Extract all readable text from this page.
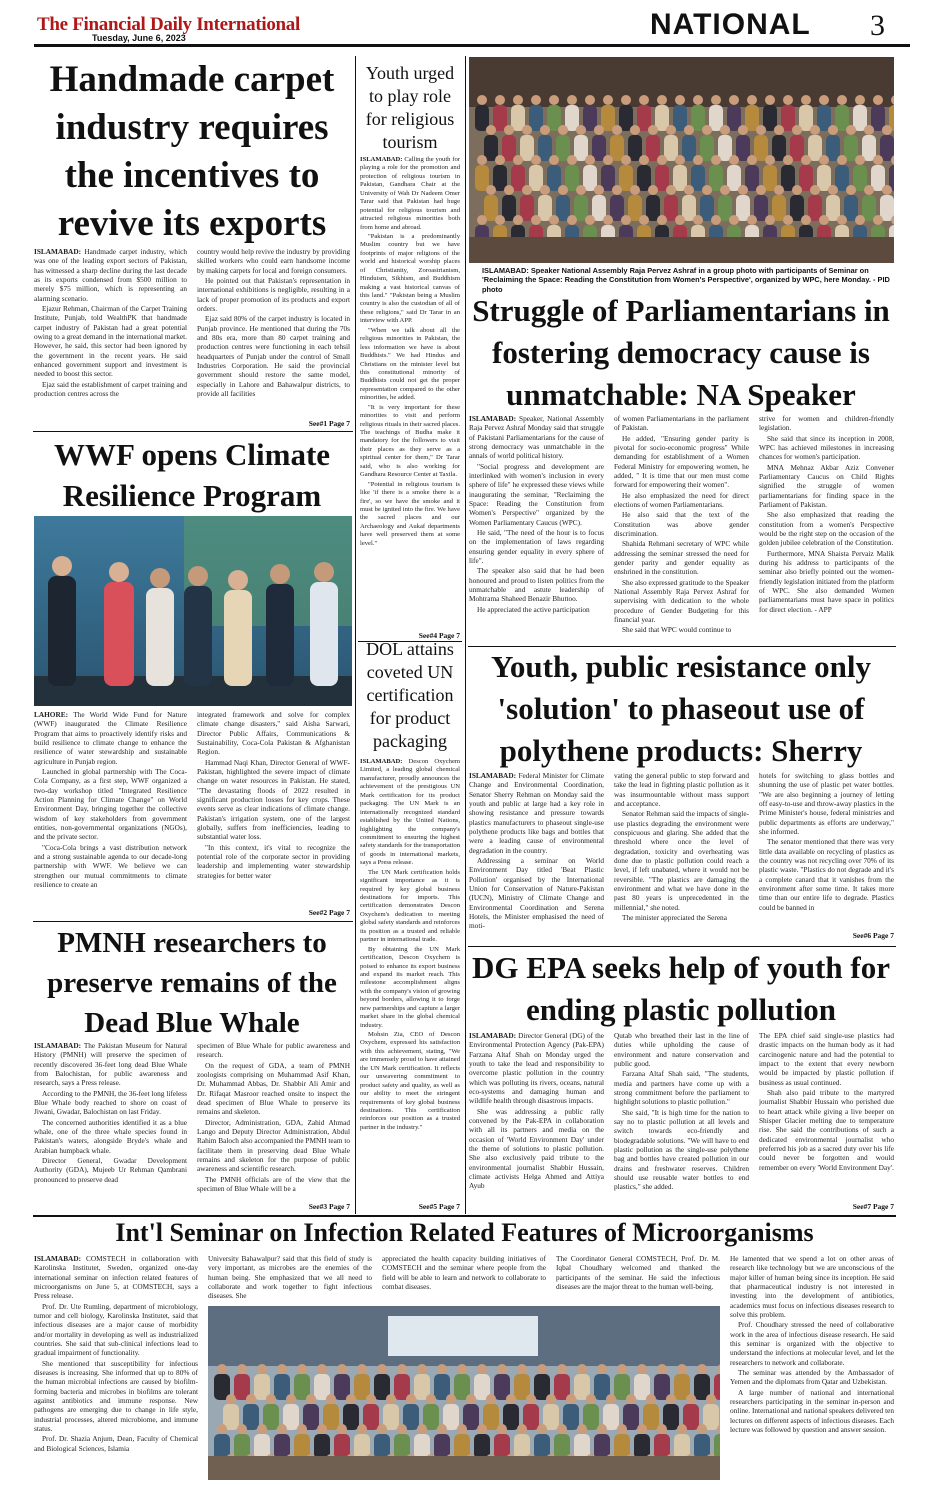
The Financial Daily International
Tuesday, June 6, 2023	NATIONAL 3
Handmade carpet industry requires the incentives to revive its exports

ISLAMABAD: Handmade carpet industry, which was one of the leading export sectors of Pakistan, has witnessed a sharp decline during the last decade as its exports condensed from $500 million to merely $75 million, which is representing an alarming scenario.

Ejazur Rehman, Chairman of the Carpet Training Institute, Punjab, told WealthPK that handmade carpet industry of Pakistan had a great potential owing to a great demand in the international market. However, he said, this sector had been ignored by the government in the recent years. He said enhanced government support and investment is needed to boost this sector.

Ejaz said the establishment of carpet training and production centres across the

country would help revive the industry by providing skilled workers who could earn handsome income by making carpets for local and foreign consumers.

He pointed out that Pakistan's representation in international exhibitions is negligible, resulting in a lack of proper promotion of its products and export orders.

Ejaz said 80% of the carpet industry is located in Punjab province. He mentioned that during the 70s and 80s era, more than 80 carpet training and production centres were functioning in each tehsil headquarters of Punjab under the control of Small Industries Corporation. He said the provincial government should restore the same model, especially in Lahore and Bahawalpur districts, to provide all facilities

See#1 Page 7
Youth urged to play role for religious tourism

ISLAMABAD: Calling the youth for playing a role for the promotion and protection of religious tourism in Pakistan, Gandhara Chair at the University of Wah Dr Nadeem Omer Tarar said that Pakistan had huge potential for religious tourism and attracted religious minorities both from home and abroad.

"Pakistan is a predominantly Muslim country but we have footprints of major religions of the world and historical worship places of Christianity, Zoroastrianism, Hinduism, Sikhism, and Buddhism making a vast historical canvas of this land." "Pakistan being a Muslim country is also the custodian of all of these religions," said Dr Tarar in an interview with APP.

"When we talk about all the religious minorities in Pakistan, the less information we have is about Buddhists." We had Hindus and Christians on the minister level but this constitutional minority of Buddhists could not get the proper representation compared to the other minorities, he added.

"It is very important for these minorities to visit and perform religious rituals in their sacred places. The teachings of Budha make it mandatory for the followers to visit their places as they serve as a spiritual center for them," Dr Tarar said, who is also working for Gandhara Resource Center at Taxila.

"Potential in religious tourism is like 'if there is a smoke there is a fire', so we have the smoke and it must be ignited into the fire. We have the sacred places and our Archaeology and Aukaf departments have well preserved them at some level."

See#4 Page 7
DOL attains coveted UN certification for product packaging

ISLAMABAD: Descon Oxychem Limited, a leading global chemical manufacturer, proudly announces the achievement of the prestigious UN Mark certification for its product packaging. The UN Mark is an internationally recognized standard established by the United Nations, highlighting the company's commitment to ensuring the highest safety standards for the transportation of goods in international markets, says a Press release.

The UN Mark certification holds significant importance as it is required by key global business destinations for imports. This certification demonstrates Descon Oxychem's dedication to meeting global safety standards and reinforces its position as a trusted and reliable partner in international trade.

By obtaining the UN Mark certification, Descon Oxychem is poised to enhance its export business and expand its market reach. This milestone accomplishment aligns with the company's vision of growing beyond borders, allowing it to forge new partnerships and capture a larger market share in the global chemical industry.

Mohsin Zia, CEO of Descon Oxychem, expressed his satisfaction with this achievement, stating, "We are immensely proud to have attained the UN Mark certification. It reflects our unwavering commitment to product safety and quality, as well as our ability to meet the stringent requirements of key global business destinations. This certification reinforces our position as a trusted partner in the industry."

See#5 Page 7
WWF opens Climate Resilience Program

LAHORE: The World Wide Fund for Nature (WWF) inaugurated the Climate Resilience Program that aims to proactively identify risks and build resilience to climate change to enhance the resilience of water stewardship and sustainable agriculture in Punjab region.

Launched in global partnership with The Coca-Cola Company, as a first step, WWF organized a two-day workshop titled "Integrated Resilience Action Planning for Climate Change" on World Environment Day, bringing together the collective wisdom of key stakeholders from government entities, non-governmental organizations (NGOs), and the private sector.

"Coca-Cola brings a vast distribution network and a strong sustainable agenda to our decade-long partnership with WWF. We believe we can strengthen our mutual commitments to climate resilience to create an

integrated framework and solve for complex climate change disasters," said Aisha Sarwari, Director Public Affairs, Communications & Sustainability, Coca-Cola Pakistan & Afghanistan Region.

Hammad Naqi Khan, Director General of WWF-Pakistan, highlighted the severe impact of climate change on water resources in Pakistan. He stated, "The devastating floods of 2022 resulted in significant production losses for key crops. These events serve as clear indications of climate change. Pakistan's irrigation system, one of the largest globally, suffers from inefficiencies, leading to substantial water loss.

"In this context, it's vital to recognize the potential role of the corporate sector in providing leadership and implementing water stewardship strategies for better water

See#2 Page 7
PMNH researchers to preserve remains of the Dead Blue Whale

ISLAMABAD: The Pakistan Museum for Natural History (PMNH) will preserve the specimen of recently discovered 36-feet long dead Blue Whale from Balochistan, for public awareness and research, says a Press release.

According to the PMNH, the 36-feet long lifeless Blue Whale body reached to shore on coast of Jiwani, Gwadar, Balochistan on last Friday.

The concerned authorities identified it as a blue whale, one of the three whale species found in Pakistan's waters, alongside Bryde's whale and Arabian humpback whale.

Director General, Gwadar Development Authority (GDA), Mujeeb Ur Rehman Qambrani pronounced to preserve dead

specimen of Blue Whale for public awareness and research.

On the request of GDA, a team of PMNH zoologists comprising on Muhammad Asif Khan, Dr. Muhammad Abbas, Dr. Shabbir Ali Amir and Dr. Rifaqat Masroor reached onsite to inspect the dead specimen of Blue Whale to preserve its remains and skeleton.

Director, Administration, GDA, Zahid Ahmad Lango and Deputy Director Administration, Abdul Rahim Baloch also accompanied the PMNH team to facilitate them in preserving dead Blue Whale remains and skeleton for the purpose of public awareness and scientific research.

The PMNH officials are of the view that the specimen of Blue Whale will be a

See#3 Page 7
ISLAMABAD: Speaker National Assembly Raja Pervez Ashraf in a group photo with participants of Seminar on 'Reclaiming the Space: Reading the Constitution from Women's Perspective', organized by WPC, here Monday. - PID photo
Struggle of Parliamentarians in fostering democracy cause is unmatchable: NA Speaker

ISLAMABAD: Speaker, National Assembly Raja Pervez Ashraf Monday said that struggle of Pakistani Parliamentarians for the cause of strong democracy was unmatchable in the annals of world political history.

"Social progress and development are interlinked with women's inclusion in every sphere of life" he expressed these views while inaugurating the seminar, "Reclaiming the Space: Reading the Constitution from Women's Perspective" organized by the Women Parliamentary Caucus (WPC).

He said, "The need of the hour is to focus on the implementation of laws regarding ensuring gender equality in every sphere of life".

The speaker also said that he had been honoured and proud to listen politics from the unmatchable and astute leadership of Mohtrama Shaheed Benazir Bhuttoo.

He appreciated the active participation

of women Parliamentarians in the parliament of Pakistan.

He added, "Ensuring gender parity is pivotal for socio-economic progress" While demanding for establishment of a Women Federal Ministry for empowering women, he added, " It is time that our men must come forward for empowering their women".

He also emphasized the need for direct elections of women Parliamentarians.

He also said that the text of the Constitution was above gender discrimination.

Shahida Rehmani secretary of WPC while addressing the seminar stressed the need for gender parity and gender equality as enshrined in the constitution.

She also expressed gratitude to the Speaker National Assembly Raja Pervez Ashraf for supervising with dedication to the whole procedure of Gender Budgeting for this financial year.

She said that WPC would continue to

strive for women and children-friendly legislation.

She said that since its inception in 2008, WPC has achieved milestones in increasing chances for women's participation.

MNA Mehnaz Akbar Aziz Convener Parliamentary Caucus on Child Rights signified the struggle of women parliamentarians for finding space in the Parliament of Pakistan.

She also emphasized that reading the constitution from a women's Perspective would be the right step on the occasion of the golden jubilee celebration of the Constitution.

Furthermore, MNA Shaista Pervaiz Malik during his address to participants of the seminar also briefly pointed out the women-friendly legislation initiated from the platform of WPC. She also demanded Women parliamentarians must have space in politics for direct election. - APP

Youth, public resistance only 'solution' to phaseout use of polythene products: Sherry

ISLAMABAD: Federal Minister for Climate Change and Environmental Coordination, Senator Sherry Rehman on Monday said the youth and public at large had a key role in showing resistance and pressure towards plastics manufacturers to phaseout single-use polythene products like bags and bottles that were a leading cause of environmental degradation in the country.

Addressing a seminar on World Environment Day titled 'Beat Plastic Pollution' organised by the International Union for Conservation of Nature-Pakistan (IUCN), Ministry of Climate Change and Environmental Coordination and Serena Hotels, the Minister emphasised the need of moti-

vating the general public to step forward and take the lead in fighting plastic pollution as it was insurmountable without mass support and acceptance.

Senator Rehman said the impacts of single-use plastics degrading the environment were conspicuous and glaring. She added that the threshold where once the level of degradation, toxicity and overheating was done due to plastic pollution could reach a level, if left unabated, where it would not be reversible. "The plastics are damaging the environment and what we have done in the past 80 years is unprecedented in the millennial," she noted.

The minister appreciated the Serena

hotels for switching to glass bottles and shunning the use of plastic pet water bottles. "We are also beginning a journey of letting off easy-to-use and throw-away plastics in the Prime Minister's house, federal ministries and public departments as efforts are underway," she informed.

The senator mentioned that there was very little data available on recycling of plastics as the country was not recycling over 70% of its plastic waste. "Plastics do not degrade and it's a complete canard that it vanishes from the environment after some time. It takes more time than our entire life to degrade. Plastics could be banned in

See#6 Page 7
DG EPA seeks help of youth for ending plastic pollution

ISLAMABAD: Director General (DG) of the Environmental Protection Agency (Pak-EPA) Farzana Altaf Shah on Monday urged the youth to take the lead and responsibility to overcome plastic pollution in the country which was polluting its rivers, oceans, natural eco-systems and damaging human and wildlife health through disastrous impacts.

She was addressing a public rally convened by the Pak-EPA in collaboration with all its partners and media on the occasion of 'World Environment Day' under the theme of solutions to plastic pollution. She also exclusively paid tribute to the environmental journalist Shabbir Hussain, climate activists Helga Ahmed and Attiya Ayub

Qutab who breathed their last in the line of duties while upholding the cause of environment and nature conservation and public good.

Farzana Altaf Shah said, "The students, media and partners have come up with a strong commitment before the parliament to highlight solutions to plastic pollution."

She said, "It is high time for the nation to say no to plastic pollution at all levels and switch towards eco-friendly and biodegradable solutions. "We will have to end plastic pollution as the single-use polythene bag and bottles have created pollution in our drains and freshwater reserves. Children should use reusable water bottles to end plastics," she added.

The EPA chief said single-use plastics had drastic impacts on the human body as it had carcinogenic nature and had the potential to impact to the extent that every newborn would be impacted by plastic pollution if business as usual continued.

Shah also paid tribute to the martyred journalist Shabbir Hussain who perished due to heart attack while giving a live beeper on Shisper Glacier melting due to temperature rise. She said the contributions of such a dedicated environmental journalist who preferred his job as a sacred duty over his life could never be forgotten and would remember on every 'World Environment Day'.

See#7 Page 7
Int'l Seminar on Infection Related Features of Microorganisms

ISLAMABAD: COMSTECH in collaboration with Karolinska Institutet, Sweden, organized one-day international seminar on infection related features of microorganisms on June 5, at COMSTECH, says a Press release.

Prof. Dr. Ute Rumling, department of microbiology, tumor and cell biology, Karolinska Institutet, said that infectious diseases are a major cause of morbidity and/or mortality in developing as well as industrialized countries. She said that sub-clinical infections lead to gradual impairment of functionality.

She mentioned that susceptibility for infectious diseases is increasing. She informed that up to 80% of the human microbial infections are caused by biofilm-forming bacteria and microbes in biofilms are tolerant against antibiotics and immune response. New pathogens are emerging due to change in life style, industrial processes, altered microbiome, and immune status.

Prof. Dr. Shazia Anjum, Dean, Faculty of Chemical and Biological Sciences, Islamia

University Bahawalpur? said that this field of study is very important, as microbes are the enemies of the human being. She emphasized that we all need to collaborate and work together to fight infectious diseases. She

appreciated the health capacity building initiatives of COMSTECH and the seminar where people from the field will be able to learn and network to collaborate to combat diseases.

The Coordinator General COMSTECH, Prof. Dr. M. Iqbal Choudhary welcomed and thanked the participants of the seminar. He said the infectious diseases are the major threat to the human well-being.

He lamented that we spend a lot on other areas of research like technology but we are unconscious of the major killer of human being since its inception. He said that pharmaceutical industry is not interested in investing into the development of antibiotics, academics must focus on infectious diseases research to solve this problem.

Prof. Choudhary stressed the need of collaborative work in the area of infectious disease research. He said this seminar is organized with the objective to understand the infections at molecular level, and let the researchers to network and collaborate.

The seminar was attended by the Ambassador of Yemen and the diplomats from Qatar and Uzbekistan.

A large number of national and international researchers participating in the seminar in-person and online. International and national speakers delivered ten lectures on different aspects of infectious diseases. Each lecture was followed by question and answer session.
